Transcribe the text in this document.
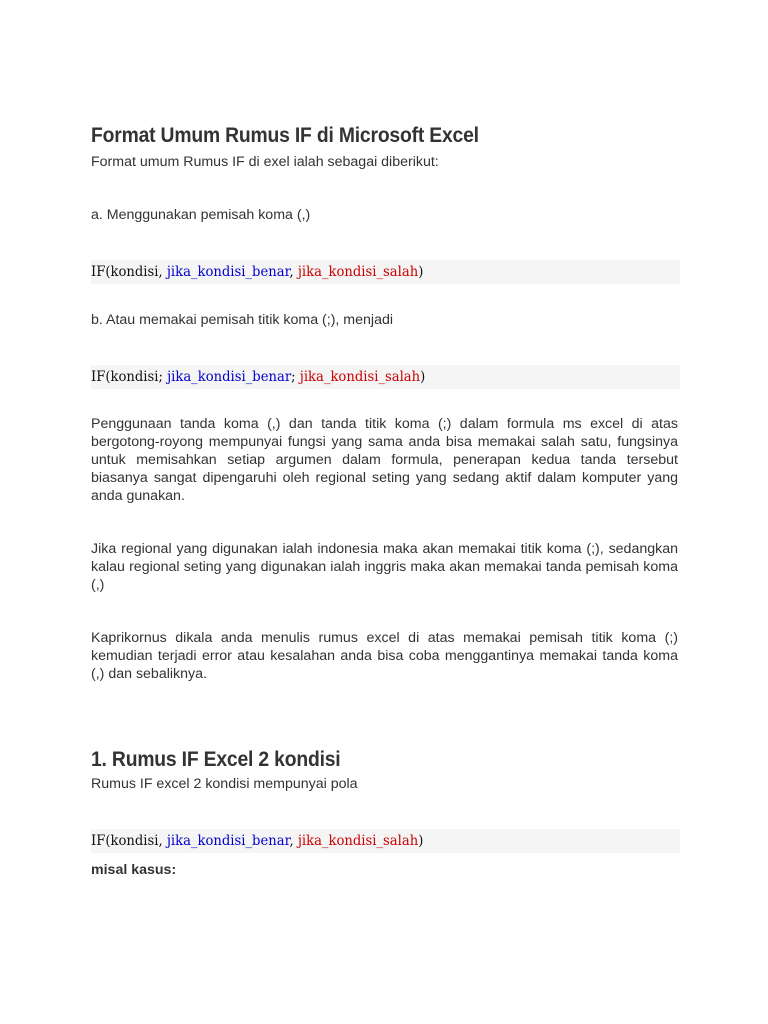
Format Umum Rumus IF di Microsoft Excel

Format umum Rumus IF di exel ialah sebagai diberikut:

a. Menggunakan pemisah koma (,)

IF(kondisi, jika_kondisi_benar, jika_kondisi_salah)

b. Atau memakai pemisah titik koma (;), menjadi

IF(kondisi; jika_kondisi_benar; jika_kondisi_salah)

Penggunaan tanda koma (,) dan tanda titik koma (;) dalam formula ms excel di atas bergotong-royong mempunyai fungsi yang sama anda bisa memakai salah satu, fungsinya untuk memisahkan setiap argumen dalam formula, penerapan kedua tanda tersebut biasanya sangat dipengaruhi oleh regional seting yang sedang aktif dalam komputer yang anda gunakan.

Jika regional yang digunakan ialah indonesia maka akan memakai titik koma (;), sedangkan kalau regional seting yang digunakan ialah inggris maka akan memakai tanda pemisah koma (,)

Kaprikornus dikala anda menulis rumus excel di atas memakai pemisah titik koma (;) kemudian terjadi error atau kesalahan anda bisa coba menggantinya memakai tanda koma (,) dan sebaliknya.

1. Rumus IF Excel 2 kondisi

Rumus IF excel 2 kondisi mempunyai pola

IF(kondisi, jika_kondisi_benar, jika_kondisi_salah)

misal kasus:
